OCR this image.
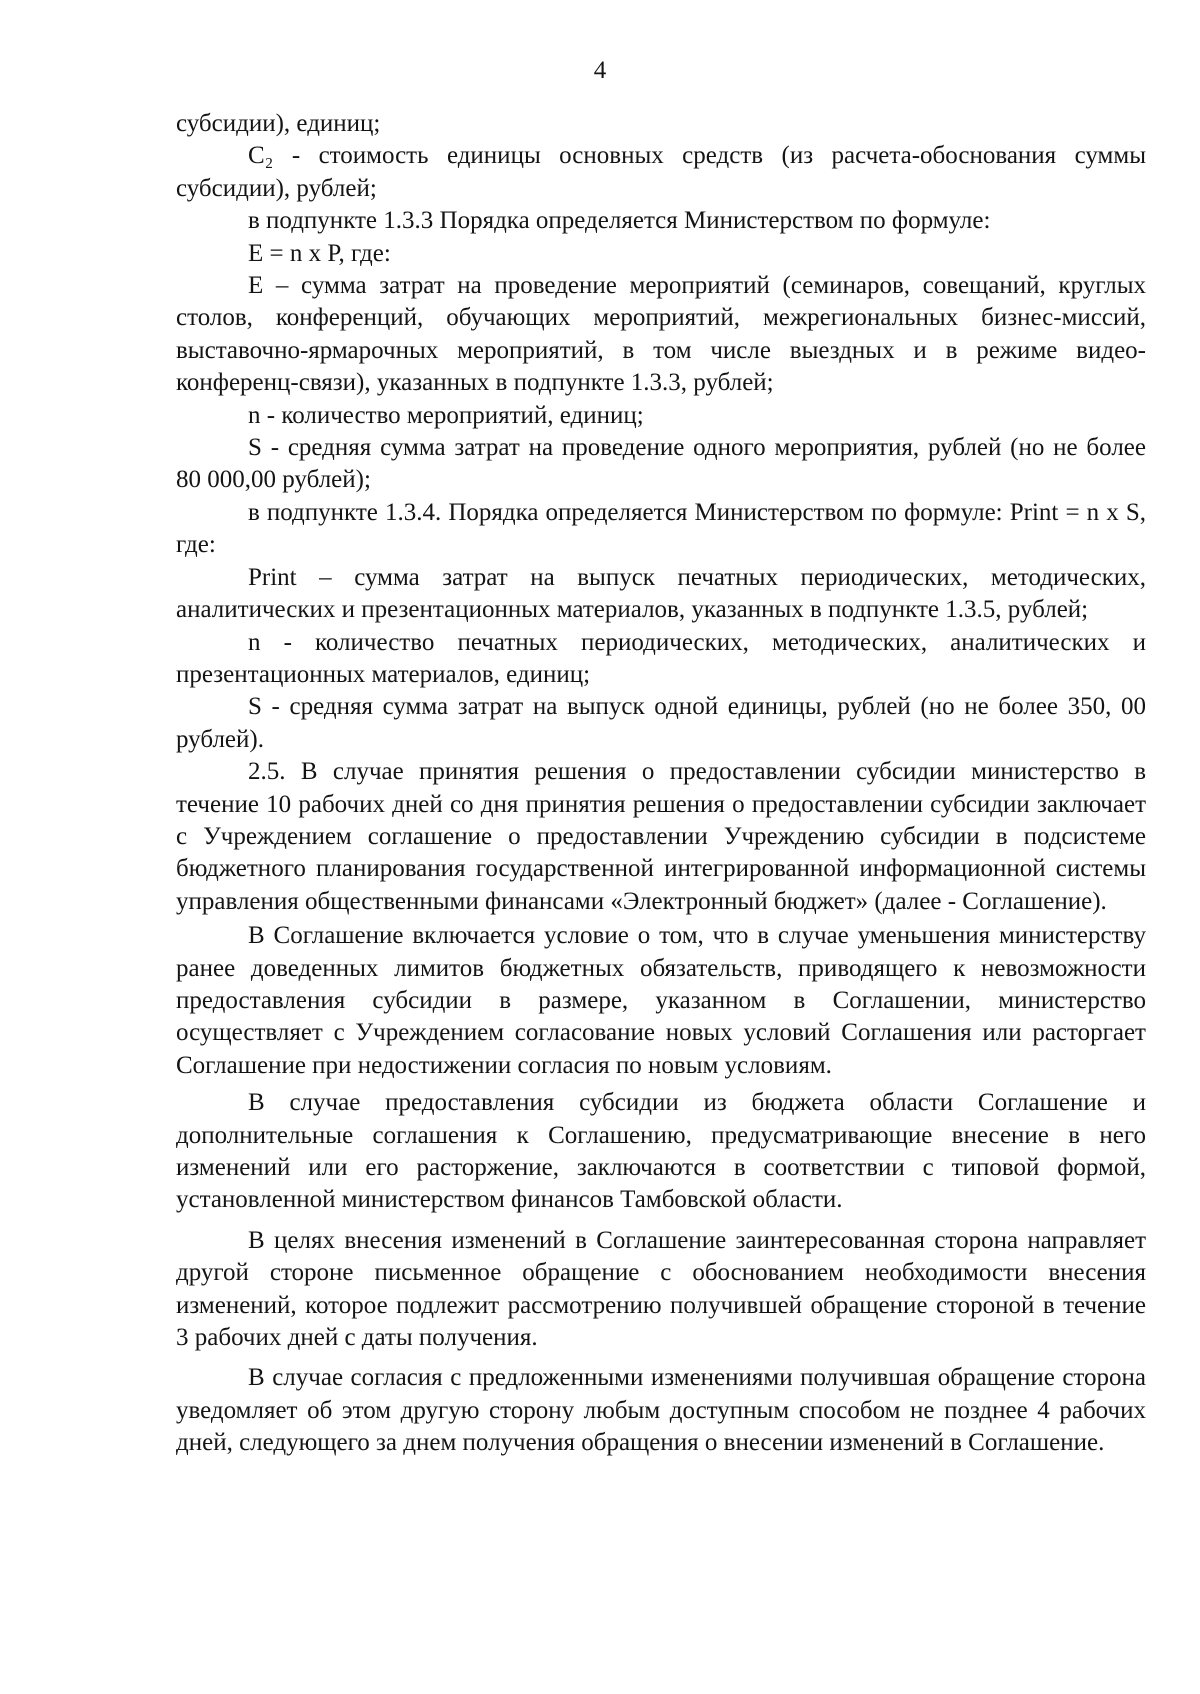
4

субсидии), единиц;

С₂ - стоимость единицы основных средств (из расчета-обоснования суммы субсидии), рублей;

в подпункте 1.3.3 Порядка определяется Министерством по формуле:

E = n x P, где:

E – сумма затрат на проведение мероприятий (семинаров, совещаний, круглых столов, конференций, обучающих мероприятий, межрегиональных бизнес-миссий, выставочно-ярмарочных мероприятий, в том числе выездных и в режиме видео-конференц-связи), указанных в подпункте 1.3.3, рублей;

n - количество мероприятий, единиц;

S - средняя сумма затрат на проведение одного мероприятия, рублей (но не более 80 000,00 рублей);

в подпункте 1.3.4. Порядка определяется Министерством по формуле: Print = n x S, где:

Print – сумма затрат на выпуск печатных периодических, методических, аналитических и презентационных материалов, указанных в подпункте 1.3.5, рублей;

n - количество печатных периодических, методических, аналитических и презентационных материалов, единиц;

S - средняя сумма затрат на выпуск одной единицы, рублей (но не более 350, 00 рублей).

2.5. В случае принятия решения о предоставлении субсидии министерство в течение 10 рабочих дней со дня принятия решения о предоставлении субсидии заключает с Учреждением соглашение о предоставлении Учреждению субсидии в подсистеме бюджетного планирования государственной интегрированной информационной системы управления общественными финансами «Электронный бюджет» (далее - Соглашение).

В Соглашение включается условие о том, что в случае уменьшения министерству ранее доведенных лимитов бюджетных обязательств, приводящего к невозможности предоставления субсидии в размере, указанном в Соглашении, министерство осуществляет с Учреждением согласование новых условий Соглашения или расторгает Соглашение при недостижении согласия по новым условиям.

В случае предоставления субсидии из бюджета области Соглашение и дополнительные соглашения к Соглашению, предусматривающие внесение в него изменений или его расторжение, заключаются в соответствии с типовой формой, установленной министерством финансов Тамбовской области.

В целях внесения изменений в Соглашение заинтересованная сторона направляет другой стороне письменное обращение с обоснованием необходимости внесения изменений, которое подлежит рассмотрению получившей обращение стороной в течение 3 рабочих дней с даты получения.

В случае согласия с предложенными изменениями получившая обращение сторона уведомляет об этом другую сторону любым доступным способом не позднее 4 рабочих дней, следующего за днем получения обращения о внесении изменений в Соглашение.
